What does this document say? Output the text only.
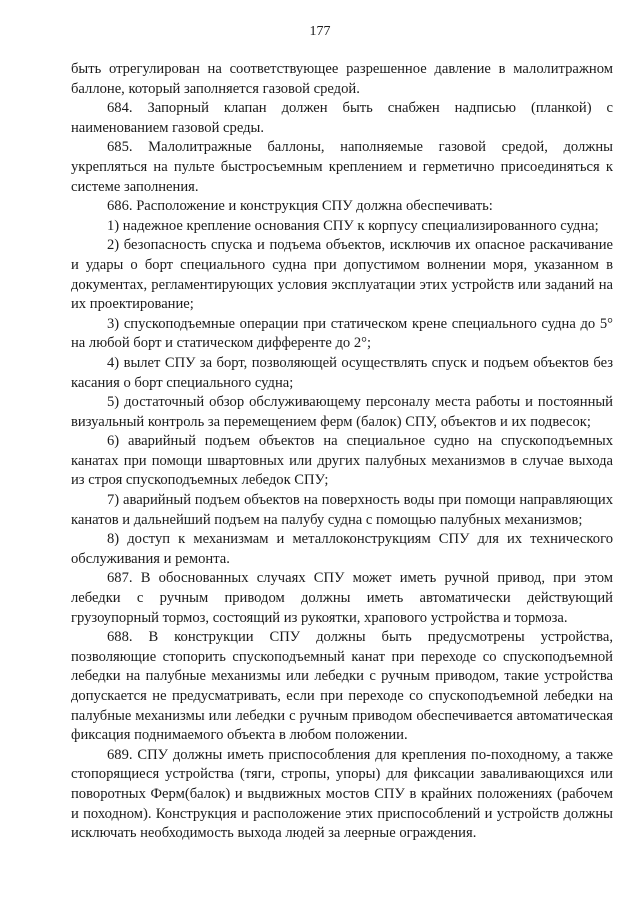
177

быть отрегулирован на соответствующее разрешенное давление в малолитражном баллоне, который заполняется газовой средой.

684. Запорный клапан должен быть снабжен надписью (планкой) с наименованием газовой среды.

685. Малолитражные баллоны, наполняемые газовой средой, должны укрепляться на пульте быстросъемным креплением и герметично присоединяться к системе заполнения.

686. Расположение и конструкция СПУ должна обеспечивать:

1) надежное крепление основания СПУ к корпусу специализированного судна;

2) безопасность спуска и подъема объектов, исключив их опасное раскачивание и удары о борт специального судна при допустимом волнении моря, указанном в документах, регламентирующих условия эксплуатации этих устройств или заданий на их проектирование;

3) спускоподъемные операции при статическом крене специального судна до 5° на любой борт и статическом дифференте до 2°;

4) вылет СПУ за борт, позволяющей осуществлять спуск и подъем объектов без касания о борт специального судна;

5) достаточный обзор обслуживающему персоналу места работы и постоянный визуальный контроль за перемещением ферм (балок) СПУ, объектов и их подвесок;

6) аварийный подъем объектов на специальное судно на спускоподъемных канатах при помощи швартовных или других палубных механизмов в случае выхода из строя спускоподъемных лебедок СПУ;

7) аварийный подъем объектов на поверхность воды при помощи направляющих канатов и дальнейший подъем на палубу судна с помощью палубных механизмов;

8) доступ к механизмам и металлоконструкциям СПУ для их технического обслуживания и ремонта.

687. В обоснованных случаях СПУ может иметь ручной привод, при этом лебедки с ручным приводом должны иметь автоматически действующий грузоупорный тормоз, состоящий из рукоятки, храпового устройства и тормоза.

688. В конструкции СПУ должны быть предусмотрены устройства, позволяющие стопорить спускоподъемный канат при переходе со спускоподъемной лебедки на палубные механизмы или лебедки с ручным приводом, такие устройства допускается не предусматривать, если при переходе со спускоподъемной лебедки на палубные механизмы или лебедки с ручным приводом обеспечивается автоматическая фиксация поднимаемого объекта в любом положении.

689. СПУ должны иметь приспособления для крепления по-походному, а также стопорящиеся устройства (тяги, стропы, упоры) для фиксации заваливающихся или поворотных Ферм(балок) и выдвижных мостов СПУ в крайних положениях (рабочем и походном). Конструкция и расположение этих приспособлений и устройств должны исключать необходимость выхода людей за леерные ограждения.
